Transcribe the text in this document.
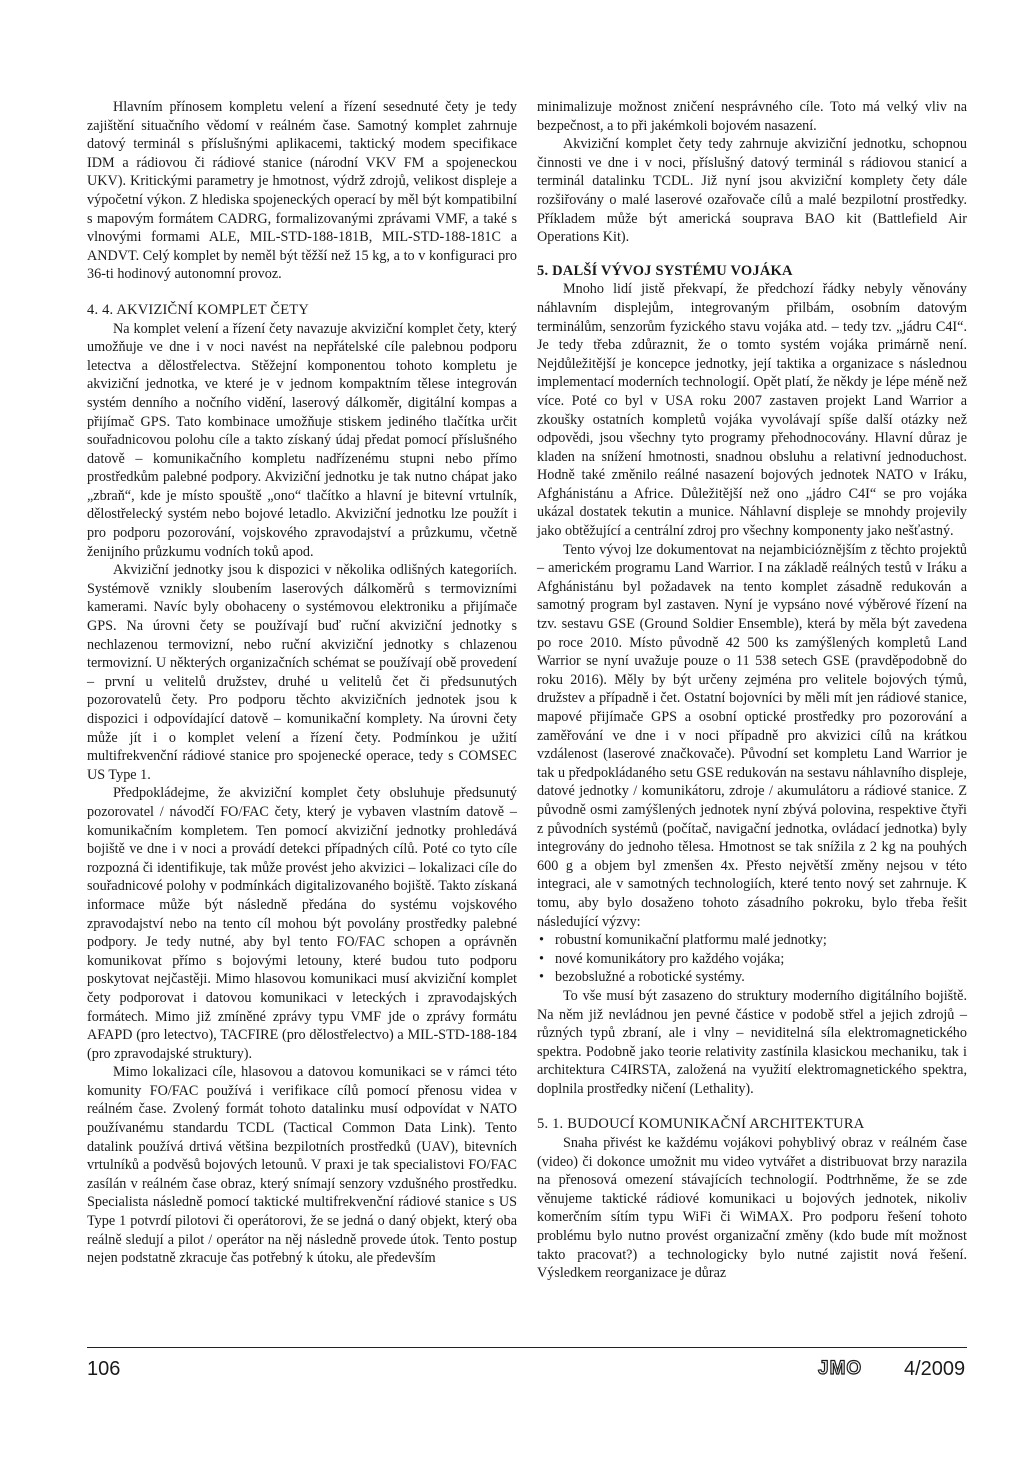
Hlavním přínosem kompletu velení a řízení sesednuté čety je tedy zajištění situačního vědomí v reálném čase. Samotný komplet zahrnuje datový terminál s příslušnými aplikacemi, taktický modem specifikace IDM a rádiovou či rádiové stanice (národní VKV FM a spojeneckou UKV). Kritickými parametry je hmotnost, výdrž zdrojů, velikost displeje a výpočetní výkon. Z hlediska spojeneckých operací by měl být kompatibilní s mapovým formátem CADRG, formalizovanými zprávami VMF, a také s vlnovými formami ALE, MIL-STD-188-181B, MIL-STD-188-181C a ANDVT. Celý komplet by neměl být těžší než 15 kg, a to v konfiguraci pro 36-ti hodinový autonomní provoz.

4. 4. AKVIZIČNÍ KOMPLET ČETY

Na komplet velení a řízení čety navazuje akviziční komplet čety, který umožňuje ve dne i v noci navést na nepřátelské cíle palebnou podporu letectva a dělostřelectva. Stěžejní komponentou tohoto kompletu je akviziční jednotka, ve které je v jednom kompaktním tělese integrován systém denního a nočního vidění, laserový dálkoměr, digitální kompas a přijímač GPS. Tato kombinace umožňuje stiskem jediného tlačítka určit souřadnicovou polohu cíle a takto získaný údaj předat pomocí příslušného datově – komunikačního kompletu nadřízenému stupni nebo přímo prostředkům palebné podpory. Akviziční jednotku je tak nutno chápat jako „zbraň“, kde je místo spouště „ono“ tlačítko a hlavní je bitevní vrtulník, dělostřelecký systém nebo bojové letadlo. Akviziční jednotku lze použít i pro podporu pozorování, vojskového zpravodajství a průzkumu, včetně ženijního průzkumu vodních toků apod.

Akviziční jednotky jsou k dispozici v několika odlišných kategoriích. Systémově vznikly sloubením laserových dálkoměrů s termovizními kamerami. Navíc byly obohaceny o systémovou elektroniku a přijímače GPS. Na úrovni čety se používají buď ruční akviziční jednotky s nechlazenou termovizní, nebo ruční akviziční jednotky s chlazenou termovizní. U některých organizačních schémat se používají obě provedení – první u velitelů družstev, druhé u velitelů čet či předsunutých pozorovatelů čety. Pro podporu těchto akvizičních jednotek jsou k dispozici i odpovídající datově – komunikační komplety. Na úrovni čety může jít i o komplet velení a řízení čety. Podmínkou je užití multifrekvenční rádiové stanice pro spojenecké operace, tedy s COMSEC US Type 1.

Předpokládejme, že akviziční komplet čety obsluhuje předsunutý pozorovatel / návodčí FO/FAC čety, který je vybaven vlastním datově – komunikačním kompletem. Ten pomocí akviziční jednotky prohledává bojiště ve dne i v noci a provádí detekci případných cílů. Poté co tyto cíle rozpozná či identifikuje, tak může provést jeho akvizici – lokalizaci cíle do souřadnicové polohy v podmínkách digitalizovaného bojiště. Takto získaná informace může být následně předána do systému vojskového zpravodajství nebo na tento cíl mohou být povolány prostředky palebné podpory. Je tedy nutné, aby byl tento FO/FAC schopen a oprávněn komunikovat přímo s bojovými letouny, které budou tuto podporu poskytovat nejčastěji. Mimo hlasovou komunikaci musí akviziční komplet čety podporovat i datovou komunikaci v leteckých i zpravodajských formátech. Mimo již zmíněné zprávy typu VMF jde o zprávy formátu AFAPD (pro letectvo), TACFIRE (pro dělostřelectvo) a MIL-STD-188-184 (pro zpravodajské struktury).

Mimo lokalizaci cíle, hlasovou a datovou komunikaci se v rámci této komunity FO/FAC používá i verifikace cílů pomocí přenosu videa v reálném čase. Zvolený formát tohoto datalinku musí odpovídat v NATO používanému standardu TCDL (Tactical Common Data Link). Tento datalink používá drtivá většina bezpilotních prostředků (UAV), bitevních vrtulníků a podvěsů bojových letounů. V praxi je tak specialistovi FO/FAC zasílán v reálném čase obraz, který snímají senzory vzdušného prostředku. Specialista následně pomocí taktické multifrekvenční rádiové stanice s US Type 1 potvrdí pilotovi či operátorovi, že se jedná o daný objekt, který oba reálně sledují a pilot / operátor na něj následně provede útok. Tento postup nejen podstatně zkracuje čas potřebný k útoku, ale především

minimalizuje možnost zničení nesprávného cíle. Toto má velký vliv na bezpečnost, a to při jakémkoli bojovém nasazení.

Akviziční komplet čety tedy zahrnuje akviziční jednotku, schopnou činnosti ve dne i v noci, příslušný datový terminál s rádiovou stanicí a terminál datalinku TCDL. Již nyní jsou akviziční komplety čety dále rozšiřovány o malé laserové ozařovače cílů a malé bezpilotní prostředky. Příkladem může být americká souprava BAO kit (Battlefield Air Operations Kit).

5. DALŠÍ VÝVOJ SYSTÉMU VOJÁKA

Mnoho lidí jistě překvapí, že předchozí řádky nebyly věnovány náhlavním displejům, integrovaným přilbám, osobním datovým terminálům, senzorům fyzického stavu vojáka atd. – tedy tzv. „jádru C4I“. Je tedy třeba zdůraznit, že o tomto systém vojáka primárně není. Nejdůležitější je koncepce jednotky, její taktika a organizace s následnou implementací moderních technologií. Opět platí, že někdy je lépe méně než více. Poté co byl v USA roku 2007 zastaven projekt Land Warrior a zkoušky ostatních kompletů vojáka vyvolávají spíše další otázky než odpovědi, jsou všechny tyto programy přehodnocovány. Hlavní důraz je kladen na snížení hmotnosti, snadnou obsluhu a relativní jednoduchost. Hodně také změnilo reálné nasazení bojových jednotek NATO v Iráku, Afghánistánu a Africe. Důležitější než ono „jádro C4I“ se pro vojáka ukázal dostatek tekutin a munice. Náhlavní displeje se mnohdy projevily jako obtěžující a centrální zdroj pro všechny komponenty jako nešťastný.

Tento vývoj lze dokumentovat na nejambicióznějším z těchto projektů – americkém programu Land Warrior. I na základě reálných testů v Iráku a Afghánistánu byl požadavek na tento komplet zásadně redukován a samotný program byl zastaven. Nyní je vypsáno nové výběrové řízení na tzv. sestavu GSE (Ground Soldier Ensemble), která by měla být zavedena po roce 2010. Místo původně 42 500 ks zamýšlených kompletů Land Warrior se nyní uvažuje pouze o 11 538 setech GSE (pravděpodobně do roku 2016). Měly by být určeny zejména pro velitele bojových týmů, družstev a případně i čet. Ostatní bojovníci by měli mít jen rádiové stanice, mapové přijímače GPS a osobní optické prostředky pro pozorování a zaměřování ve dne i v noci případně pro akvizici cílů na krátkou vzdálenost (laserové značkovače). Původní set kompletu Land Warrior je tak u předpokládaného setu GSE redukován na sestavu náhlavního displeje, datové jednotky / komunikátoru, zdroje / akumulátoru a rádiové stanice. Z původně osmi zamýšlených jednotek nyní zbývá polovina, respektive čtyři z původních systémů (počítač, navigační jednotka, ovládací jednotka) byly integrovány do jednoho tělesa. Hmotnost se tak snížila z 2 kg na pouhých 600 g a objem byl zmenšen 4x. Přesto největší změny nejsou v této integraci, ale v samotných technologiích, které tento nový set zahrnuje. K tomu, aby bylo dosaženo tohoto zásadního pokroku, bylo třeba řešit následující výzvy:

• robustní komunikační platformu malé jednotky;
• nové komunikátory pro každého vojáka;
• bezobslužné a robotické systémy.

To vše musí být zasazeno do struktury moderního digitálního bojiště. Na něm již nevládnou jen pevné částice v podobě střel a jejich zdrojů – různých typů zbraní, ale i vlny – neviditelná síla elektromagnetického spektra. Podobně jako teorie relativity zastínila klasickou mechaniku, tak i architektura C4IRSTA, založená na využití elektromagnetického spektra, doplnila prostředky ničení (Lethality).

5. 1. BUDOUCÍ KOMUNIKAČNÍ ARCHITEKTURA

Snaha přivést ke každému vojákovi pohyblivý obraz v reálném čase (video) či dokonce umožnit mu video vytvářet a distribuovat brzy narazila na přenosová omezení stávajících technologií. Podtrhněme, že se zde věnujeme taktické rádiové komunikaci u bojových jednotek, nikoliv komerčním sítím typu WiFi či WiMAX. Pro podporu řešení tohoto problému bylo nutno provést organizační změny (kdo bude mít možnost takto pracovat?) a technologicky bylo nutné zajistit nová řešení. Výsledkem reorganizace je důraz

106	JMO 4/2009
